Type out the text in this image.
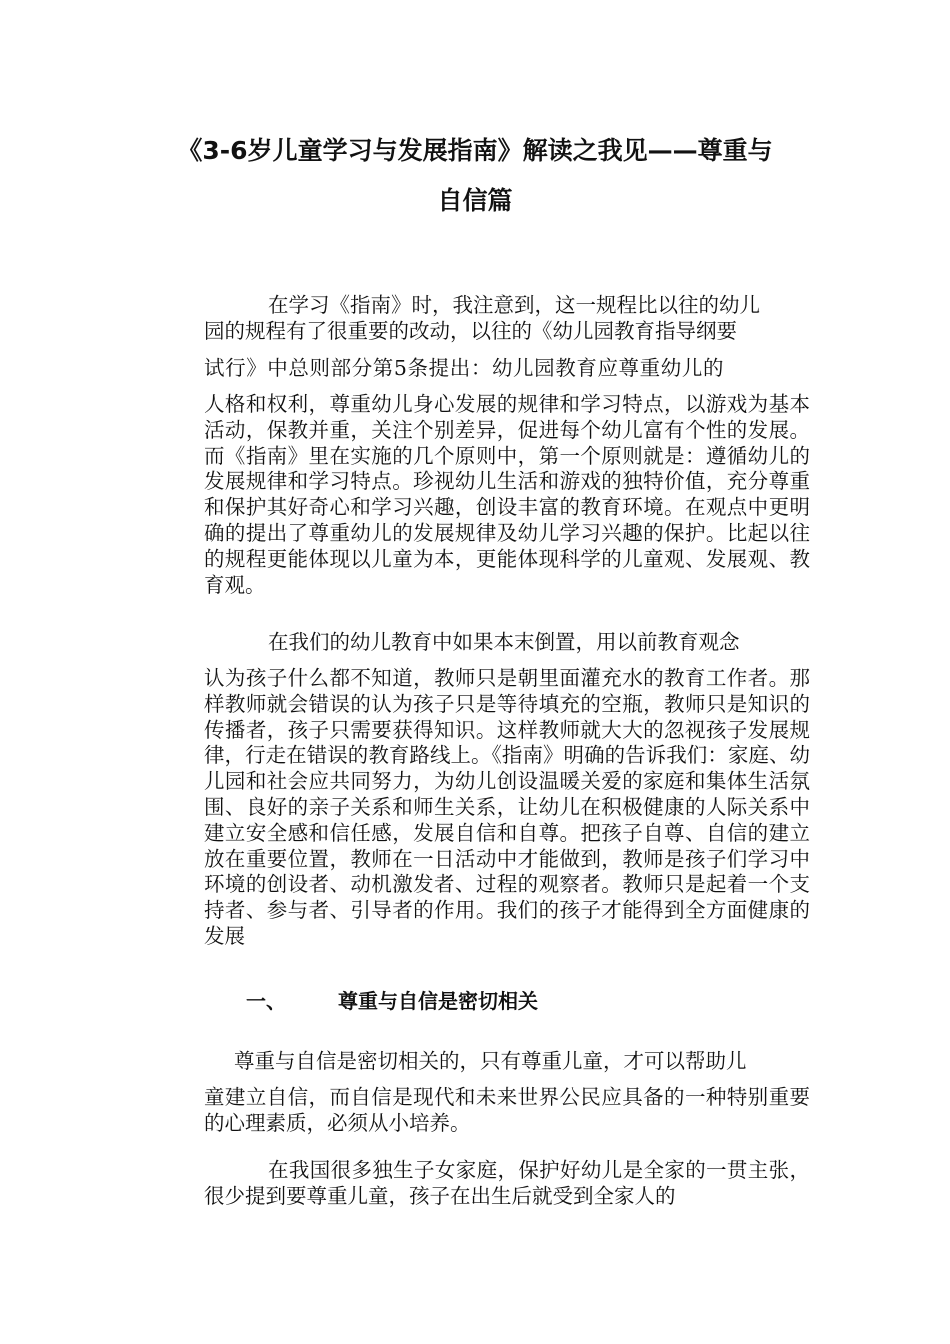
《3-6岁儿童学习与发展指南》解读之我见——尊重与
自信篇
在学习《指南》时，我注意到，这一规程比以往的幼儿
园的规程有了很重要的改动，以往的《幼儿园教育指导纲要
试行》中总则部分第5条提出：幼儿园教育应尊重幼儿的

人格和权利，尊重幼儿身心发展的规律和学习特点，以游戏为基本活动，保教并重，关注个别差异，促进每个幼儿富有个性的发展。而《指南》里在实施的几个原则中，第一个原则就是：遵循幼儿的发展规律和学习特点。珍视幼儿生活和游戏的独特价值，充分尊重和保护其好奇心和学习兴趣，创设丰富的教育环境。在观点中更明确的提出了尊重幼儿的发展规律及幼儿学习兴趣的保护。比起以往的规程更能体现以儿童为本，更能体现科学的儿童观、发展观、教育观。

在我们的幼儿教育中如果本末倒置，用以前教育观念

认为孩子什么都不知道，教师只是朝里面灌充水的教育工作者。那样教师就会错误的认为孩子只是等待填充的空瓶，教师只是知识的传播者，孩子只需要获得知识。这样教师就大大的忽视孩子发展规律，行走在错误的教育路线上。《指南》明确的告诉我们：家庭、幼儿园和社会应共同努力，为幼儿创设温暖关爱的家庭和集体生活氛围、良好的亲子关系和师生关系，让幼儿在积极健康的人际关系中建立安全感和信任感，发展自信和自尊。把孩子自尊、自信的建立放在重要位置，教师在一日活动中才能做到，教师是孩子们学习中环境的创设者、动机激发者、过程的观察者。教师只是起着一个支持者、参与者、引导者的作用。我们的孩子才能得到全方面健康的发展

一、	尊重与自信是密切相关
尊重与自信是密切相关的，只有尊重儿童，才可以帮助儿

童建立自信，而自信是现代和未来世界公民应具备的一种特别重要的心理素质，必须从小培养。

在我国很多独生子女家庭，保护好幼儿是全家的一贯主张，很少提到要尊重儿童，孩子在出生后就受到全家人的
